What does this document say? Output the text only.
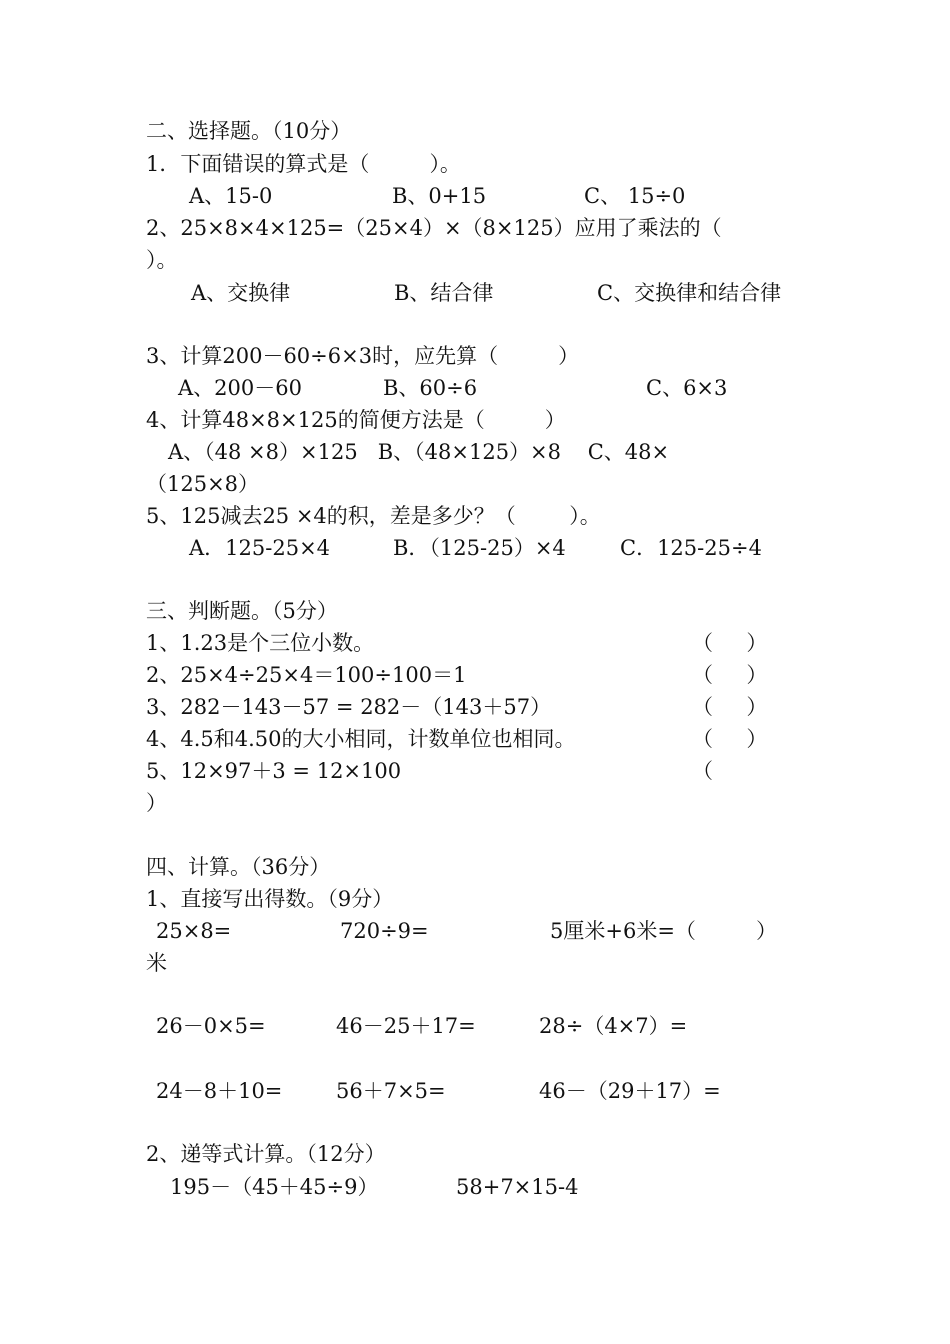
二、选择题。（10分）
1．下面错误的算式是（         ）。
A、15-0	B、0+15	C、 15÷0
2、25×8×4×125=（25×4）×（8×125）应用了乘法的（
）。
A、交换律	B、结合律	C、交换律和结合律
3、计算200－60÷6×3时，应先算（         ）
A、200－60	B、60÷6	C、6×3
4、计算48×8×125的简便方法是（         ）
A、（48 ×8）×125   B、（48×125）×8    C、48×
（125×8）
5、125减去25 ×4的积，差是多少？（        ）。
A．125-25×4	B．（125-25）×4	C．125-25÷4
三、判断题。（5分）
1、1.23是个三位小数。	（     ）
2、25×4÷25×4＝100÷100＝1	（     ）
3、282－143－57 = 282－（143＋57）	（     ）
4、4.5和4.50的大小相同，计数单位也相同。	（     ）
5、12×97＋3 = 12×100	（
）
四、计算。（36分）
1、直接写出得数。（9分）
25×8=	720÷9=	5厘米+6米=（         ）
米
26－0×5=	46－25＋17=	28÷（4×7）=
24－8＋10=	56＋7×5=	46－（29＋17）=
2、递等式计算。（12分）
195－（45＋45÷9）	58+7×15-4
